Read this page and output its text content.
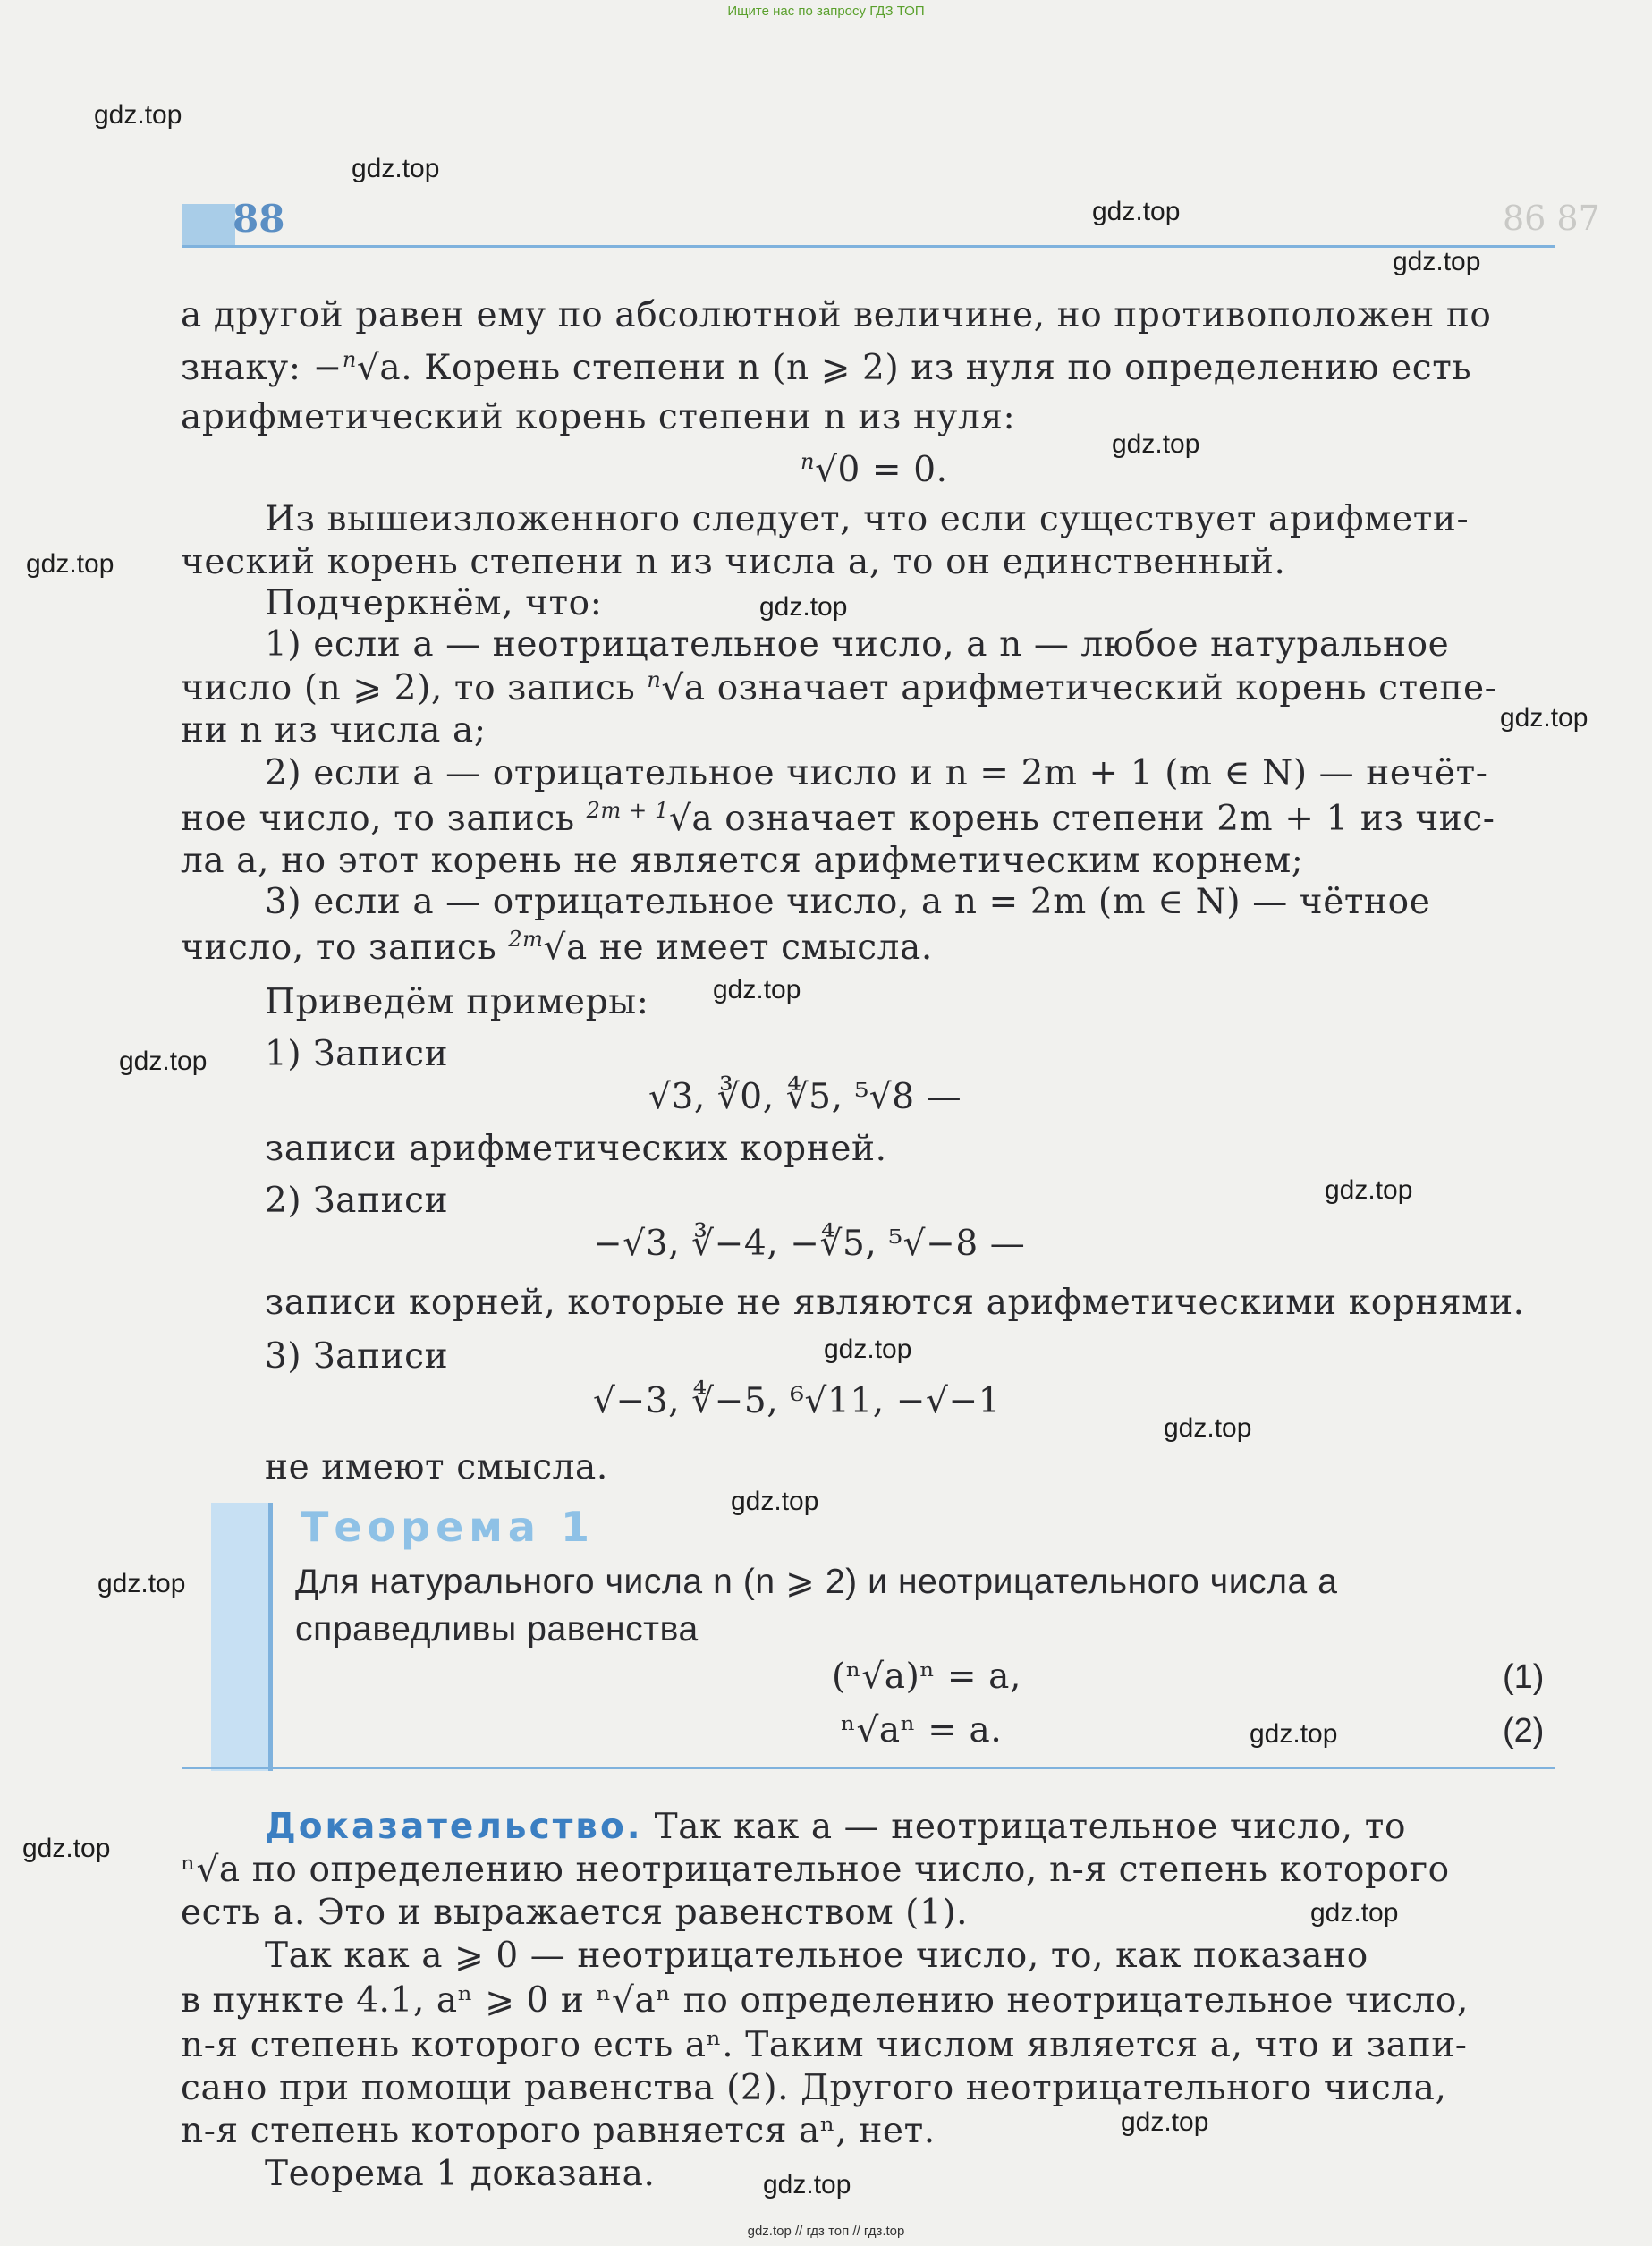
Ищите нас по запросу ГДЗ ТОП
86 87
88
а другой равен ему по абсолютной величине, но противоположен по
знаку: −$^n$√a. Корень степени n (n ⩾ 2) из нуля по определению есть
арифметический корень степени n из нуля:
$^n$√0 = 0.
Из вышеизложенного следует, что если существует арифмети-
ческий корень степени n из числа a, то он единственный.
Подчеркнём, что:
1) если a — неотрицательное число, а n — любое натуральное
число (n ⩾ 2), то запись $^n$√a означает арифметический корень степе-
ни n из числа a;
2) если a — отрицательное число и n = 2m + 1 (m ∈ N) — нечёт-
ное число, то запись $^{2m + 1}$√a означает корень степени 2m + 1 из чис-
ла a, но этот корень не является арифметическим корнем;
3) если a — отрицательное число, а n = 2m (m ∈ N) — чётное
число, то запись $^{2m}$√a не имеет смысла.
Приведём примеры:
1) Записи
√3, ∛0, ∜5, ⁵√8 —
записи арифметических корней.
2) Записи
−√3, ∛−4, −∜5, ⁵√−8 —
записи корней, которые не являются арифметическими корнями.
3) Записи
√−3, ∜−5, ⁶√11, −√−1
не имеют смысла.
Теорема 1
Для натурального числа n (n ⩾ 2) и неотрицательного числа a
справедливы равенства
(ⁿ√a)ⁿ = a,	(1)
ⁿ√aⁿ = a.	(2)
Доказательство. Так как a — неотрицательное число, то
ⁿ√a по определению неотрицательное число, n-я степень которого
есть a. Это и выражается равенством (1).
Так как a ⩾ 0 — неотрицательное число, то, как показано
в пункте 4.1, aⁿ ⩾ 0 и ⁿ√aⁿ по определению неотрицательное число,
n-я степень которого есть aⁿ. Таким числом является a, что и запи-
сано при помощи равенства (2). Другого неотрицательного числа,
n-я степень которого равняется aⁿ, нет.
Теорема 1 доказана.
gdz.top
gdz.top
gdz.top
gdz.top
gdz.top
gdz.top
gdz.top
gdz.top
gdz.top
gdz.top
gdz.top
gdz.top
gdz.top
gdz.top
gdz.top
gdz.top
gdz.top
gdz.top
gdz.top
gdz.top
gdz.top // гдз топ // гдз.top
